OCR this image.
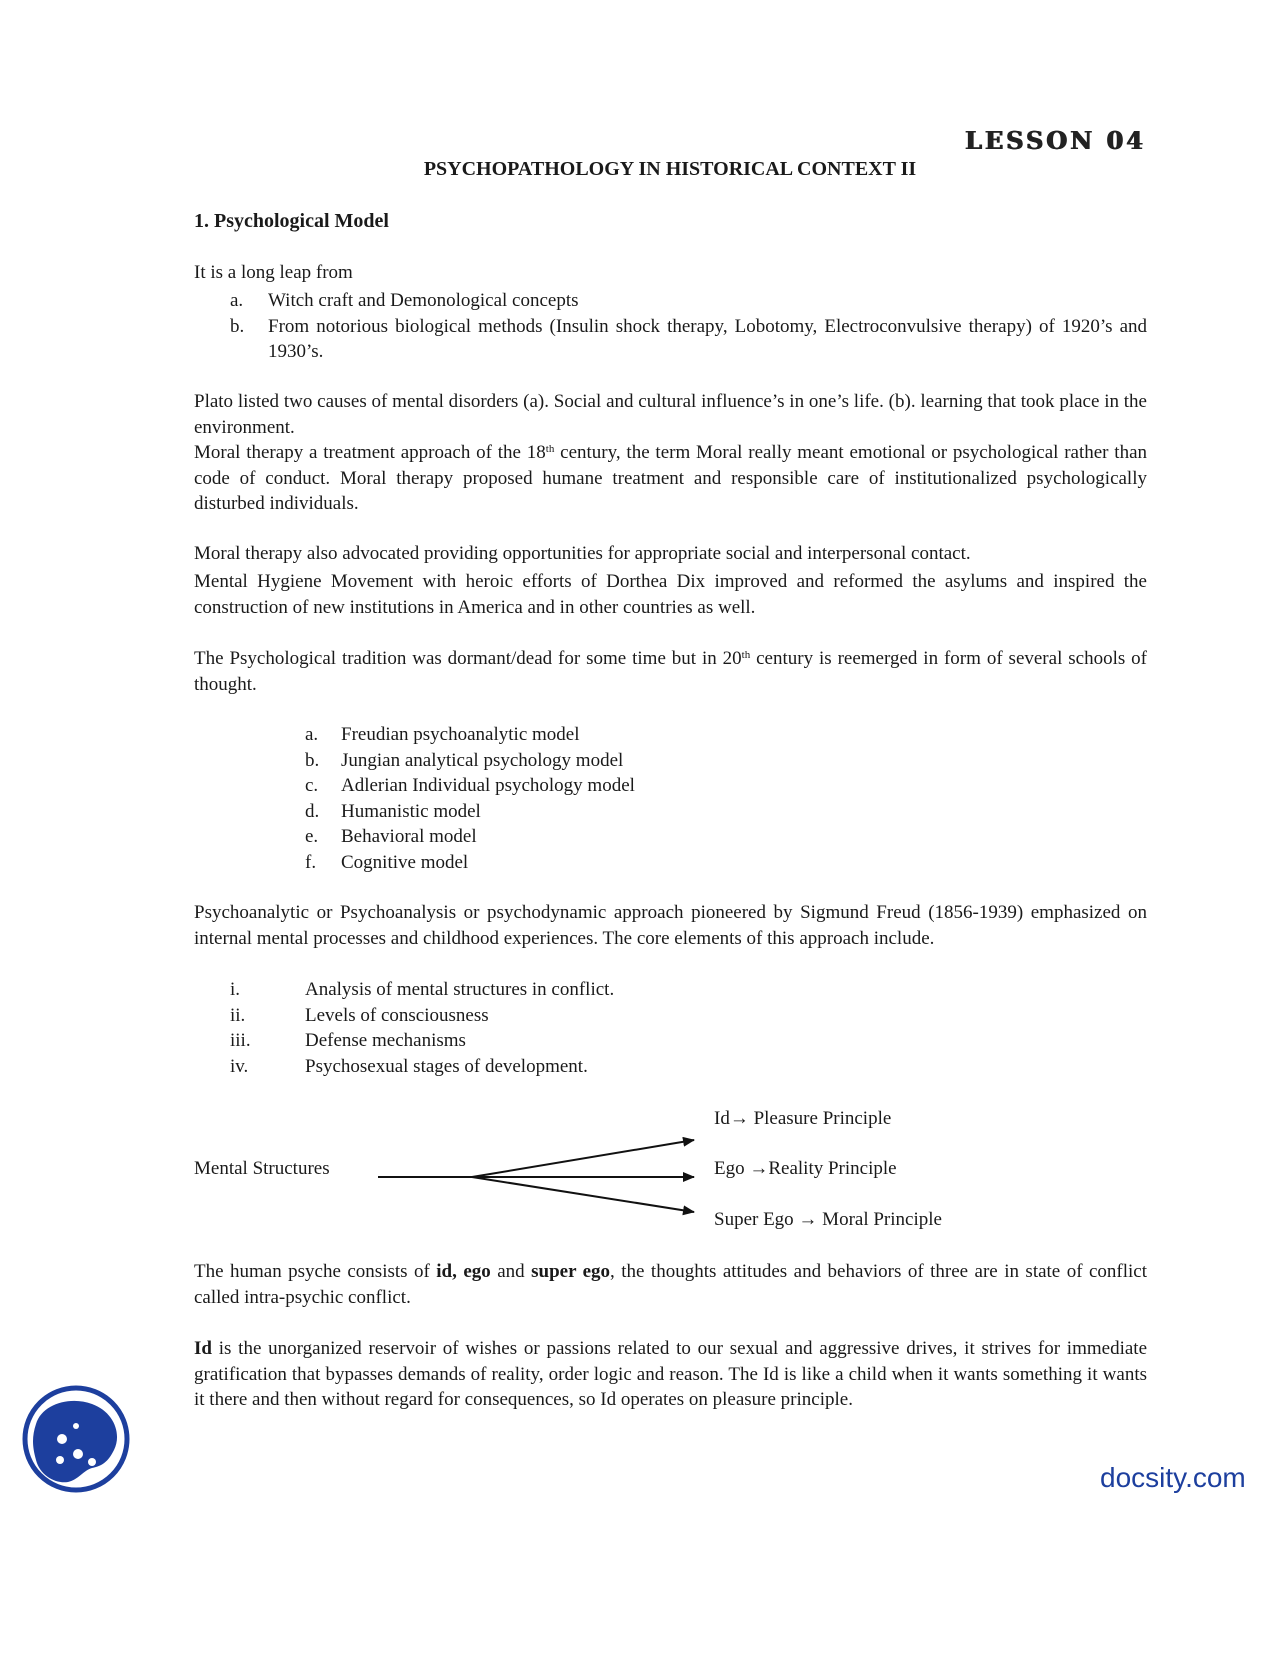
LESSON 04
PSYCHOPATHOLOGY IN HISTORICAL CONTEXT II
1. Psychological Model
It is a long leap from
a.	Witch craft and Demonological concepts
b.	From notorious biological methods (Insulin shock therapy, Lobotomy, Electroconvulsive therapy) of 1920’s and 1930’s.
Plato listed two causes of mental disorders (a). Social and cultural influence’s in one’s life. (b). learning that took place in the environment.
Moral therapy a treatment approach of the 18th century, the term Moral really meant emotional or psychological rather than code of conduct. Moral therapy proposed humane treatment and responsible care of institutionalized psychologically disturbed individuals.
Moral therapy also advocated providing opportunities for appropriate social and interpersonal contact.
Mental Hygiene Movement with heroic efforts of Dorthea Dix improved and reformed the asylums and inspired the construction of new institutions in America and in other countries as well.
The Psychological tradition was dormant/dead for some time but in 20th century is reemerged in form of several schools of thought.
a.	Freudian psychoanalytic model
b.	Jungian analytical psychology model
c.	Adlerian Individual psychology model
d.	Humanistic model
e.	Behavioral model
f.	Cognitive model
Psychoanalytic or Psychoanalysis or psychodynamic approach pioneered by Sigmund Freud (1856-1939) emphasized on internal mental processes and childhood experiences. The core elements of this approach include.
i.	Analysis of mental structures in conflict.
ii.	Levels of consciousness
iii.	Defense mechanisms
iv.	Psychosexual stages of development.
Mental Structures
Id→ Pleasure Principle
Ego →Reality Principle
Super Ego → Moral Principle
The human psyche consists of id, ego and super ego, the thoughts attitudes and behaviors of three are in state of conflict called intra-psychic conflict.
Id is the unorganized reservoir of wishes or passions related to our sexual and aggressive drives, it strives for immediate gratification that bypasses demands of reality, order logic and reason. The Id is like a child when it wants something it wants it there and then without regard for consequences, so Id operates on pleasure principle.
docsity.com
